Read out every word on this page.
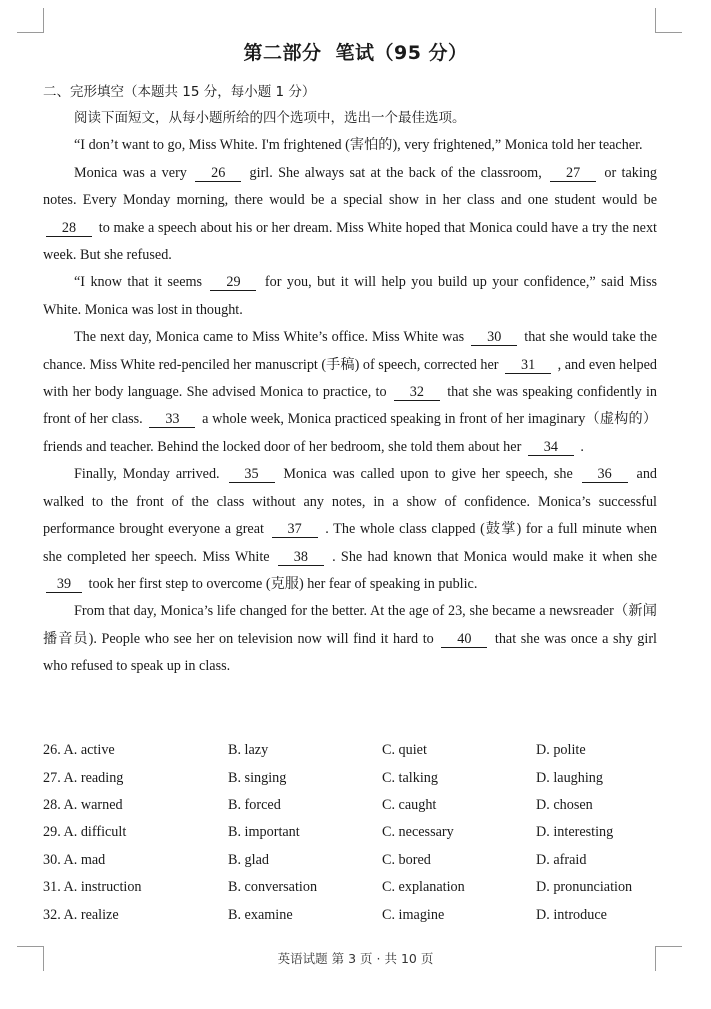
第二部分 笔试（95 分）
二、完形填空（本题共 15 分，每小题 1 分）

阅读下面短文，从每小题所给的四个选项中，选出一个最佳选项。

“I don’t want to go, Miss White. I'm frightened (害怕的), very frightened,” Monica told her teacher.

Monica was a very 26 girl. She always sat at the back of the classroom, 27 or taking notes. Every Monday morning, there would be a special show in her class and one student would be 28 to make a speech about his or her dream. Miss White hoped that Monica could have a try the next week. But she refused.

“I know that it seems 29 for you, but it will help you build up your confidence,” said Miss White. Monica was lost in thought.

The next day, Monica came to Miss White’s office. Miss White was 30 that she would take the chance. Miss White red-penciled her manuscript (手稿) of speech, corrected her 31 , and even helped with her body language. She advised Monica to practice, to 32 that she was speaking confidently in front of her class. 33 a whole week, Monica practiced speaking in front of her imaginary（虚构的）friends and teacher. Behind the locked door of her bedroom, she told them about her 34 .

Finally, Monday arrived. 35 Monica was called upon to give her speech, she 36 and walked to the front of the class without any notes, in a show of confidence. Monica’s successful performance brought everyone a great 37 . The whole class clapped (鼓掌) for a full minute when she completed her speech. Miss White 38 . She had known that Monica would make it when she 39 took her first step to overcome (克服) her fear of speaking in public.

From that day, Monica’s life changed for the better. At the age of 23, she became a newsreader（新闻播音员). People who see her on television now will find it hard to 40 that she was once a shy girl who refused to speak up in class.

26. A. active	B. lazy	C. quiet	D. polite
27. A. reading	B. singing	C. talking	D. laughing
28. A. warned	B. forced	C. caught	D. chosen
29. A. difficult	B. important	C. necessary	D. interesting
30. A. mad	B. glad	C. bored	D. afraid
31. A. instruction	B. conversation	C. explanation	D. pronunciation
32. A. realize	B. examine	C. imagine	D. introduce
英语试题 第 3 页 · 共 10 页
